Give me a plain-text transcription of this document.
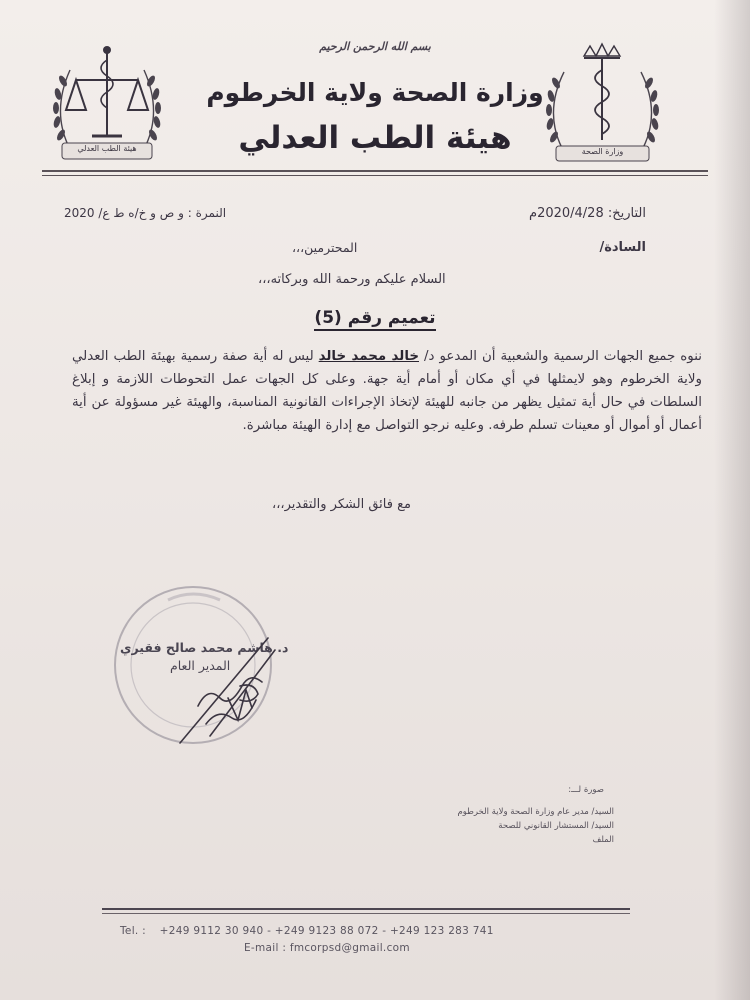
هيئة الطب العدلي	وزارة الصحة
بسم الله الرحمن الرحيم
وزارة الصحة ولاية الخرطوم
هيئة الطب العدلي
التاريخ: 2020/4/28م
النمرة : و ص و خ/ه ط ع/ 2020
السادة/
المحترمين،،،
السلام عليكم ورحمة الله وبركاته،،،
تعميم رقم (5)
ننوه جميع الجهات الرسمية والشعبية أن المدعو د/ خالد محمد خالد ليس له أية صفة رسمية بهيئة الطب العدلي ولاية الخرطوم وهو لايمثلها في أي مكان أو أمام أية جهة. وعلى كل الجهات عمل التحوطات اللازمة و إبلاغ السلطات في حال أية تمثيل يظهر من جانبه للهيئة لإتخاذ الإجراءات القانونية المناسبة، والهيئة غير مسؤولة عن أية أعمال أو أموال أو معينات تسلم طرفه. وعليه نرجو التواصل مع إدارة الهيئة مباشرة.
مع فائق الشكر والتقدير،،،
د. هاشم محمد صالح فقيري
المدير العام
صورة لـــ:
السيد/ مدير عام وزارة الصحة ولاية الخرطوم
السيد/ المستشار القانوني للصحة
الملف
Tel. : +249 9112 30 940 - +249 9123 88 072 - +249 123 283 741
E-mail : fmcorpsd@gmail.com
